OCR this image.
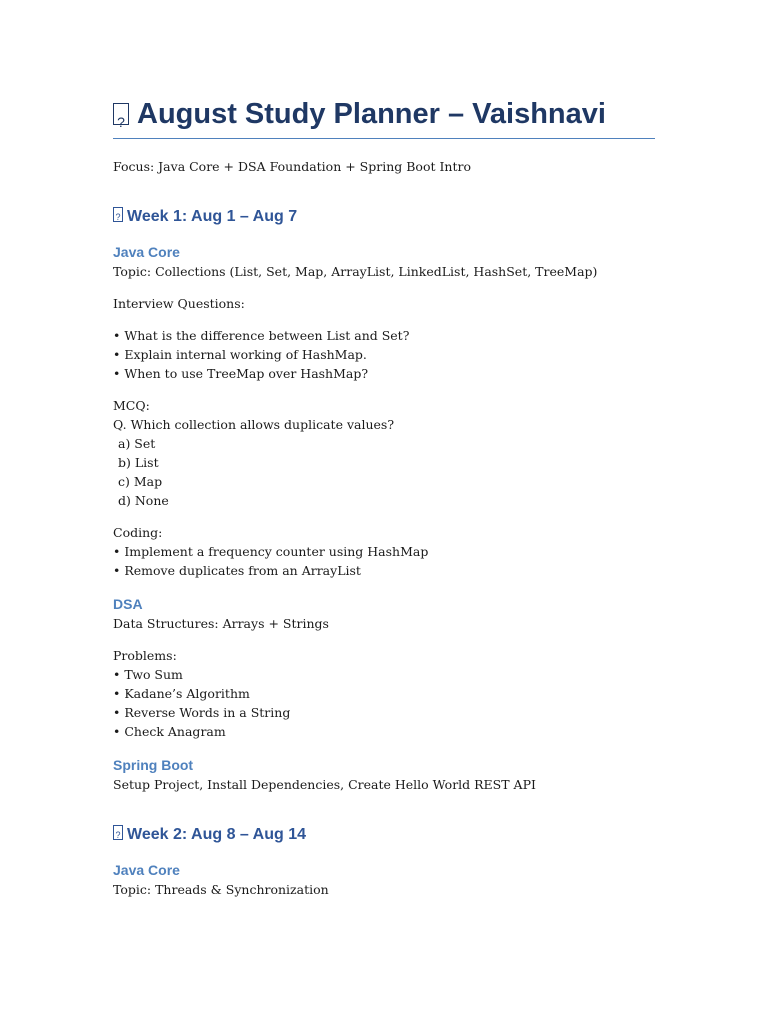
?August Study Planner – Vaishnavi

Focus: Java Core + DSA Foundation + Spring Boot Intro

?Week 1: Aug 1 – Aug 7
Java Core

Topic: Collections (List, Set, Map, ArrayList, LinkedList, HashSet, TreeMap)

Interview Questions:

• What is the difference between List and Set?
• Explain internal working of HashMap.
• When to use TreeMap over HashMap?

MCQ:

Q. Which collection allows duplicate values?

a) Set
b) List
c) Map
d) None

Coding:

• Implement a frequency counter using HashMap
• Remove duplicates from an ArrayList
DSA

Data Structures: Arrays + Strings

Problems:

• Two Sum
• Kadane’s Algorithm
• Reverse Words in a String
• Check Anagram
Spring Boot

Setup Project, Install Dependencies, Create Hello World REST API

?Week 2: Aug 8 – Aug 14
Java Core

Topic: Threads & Synchronization
